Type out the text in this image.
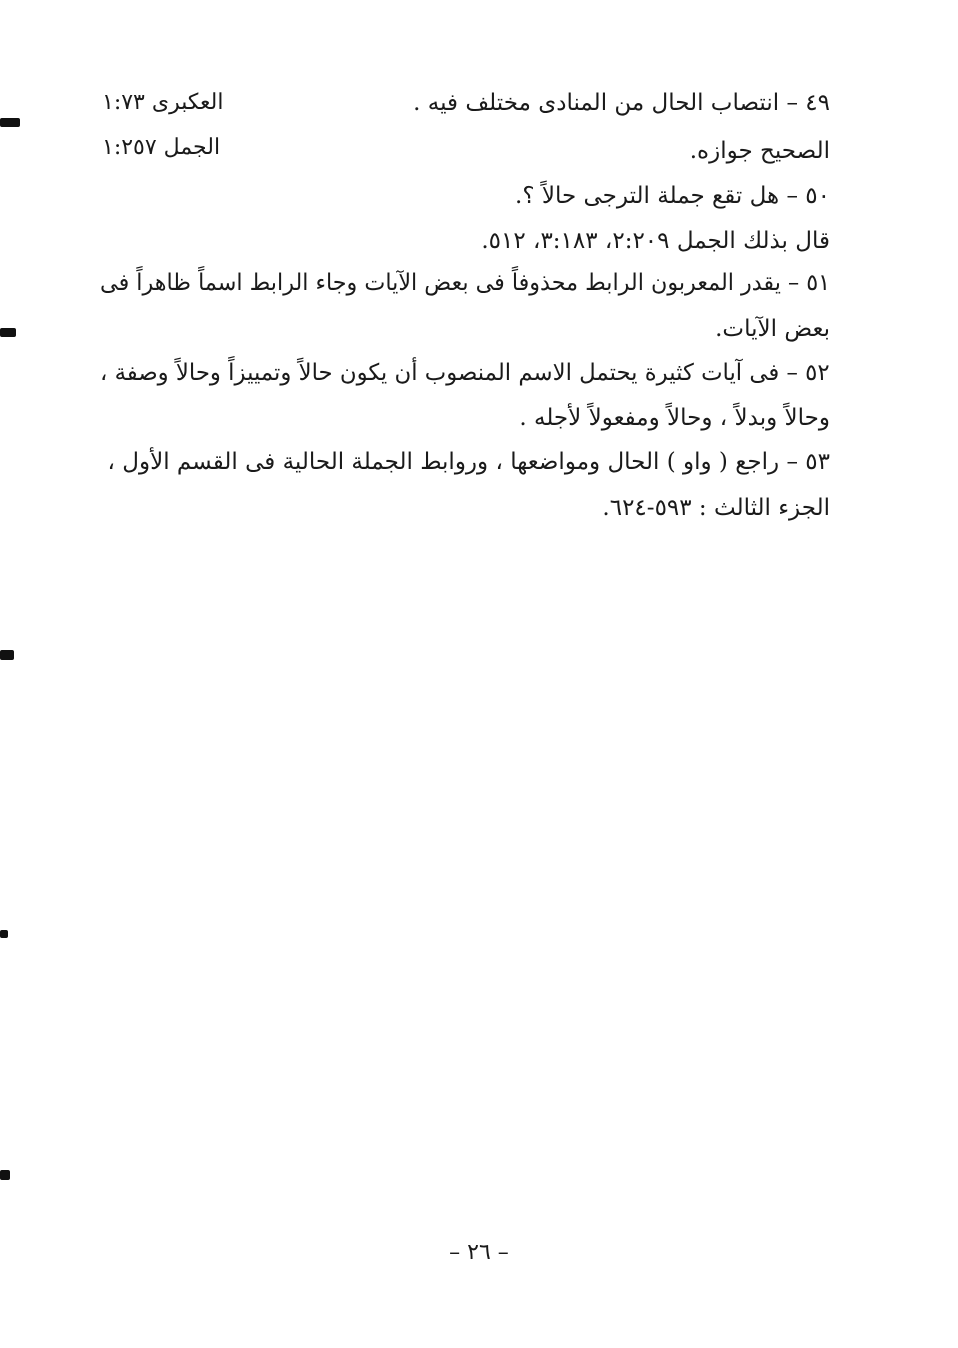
العكبرى ١:٧٣
الجمل ١:٢٥٧
٤٩ – انتصاب الحال من المنادى مختلف فيه .
الصحيح جوازه.
٥٠ – هل تقع جملة الترجى حالاً ؟.
قال بذلك الجمل ٢:٢٠٩، ٣:١٨٣، ٥١٢.
٥١ – يقدر المعربون الرابط محذوفاً فى بعض الآيات وجاء الرابط اسماً ظاهراً فى
بعض الآيات.
٥٢ – فى آيات كثيرة يحتمل الاسم المنصوب أن يكون حالاً وتمييزاً وحالاً وصفة ،
وحالاً وبدلاً ، وحالاً ومفعولاً لأجله .
٥٣ – راجع ( واو ) الحال ومواضعها ، وروابط الجملة الحالية فى القسم الأول ،
الجزء الثالث : ٥٩٣-٦٢٤.
– ٢٦ –
